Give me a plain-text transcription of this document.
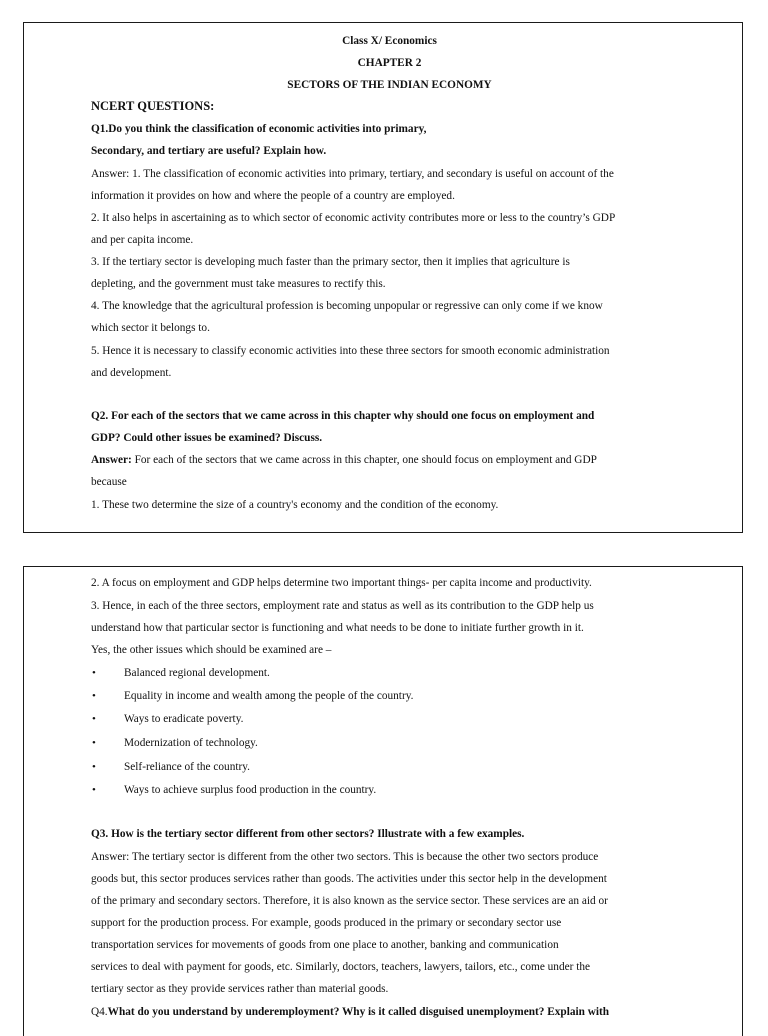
Class X/ Economics
CHAPTER 2
SECTORS OF THE INDIAN ECONOMY
NCERT QUESTIONS:
Q1.Do you think the classification of economic activities into primary,
Secondary, and tertiary are useful? Explain how.
Answer: 1. The classification of economic activities into primary, tertiary, and secondary is useful on account of the
information it provides on how and where the people of a country are employed.
2. It also helps in ascertaining as to which sector of economic activity contributes more or less to the country’s GDP
and per capita income.
3. If the tertiary sector is developing much faster than the primary sector, then it implies that agriculture is
depleting, and the government must take measures to rectify this.
4. The knowledge that the agricultural profession is becoming unpopular or regressive can only come if we know
which sector it belongs to.
5. Hence it is necessary to classify economic activities into these three sectors for smooth economic administration
and development.
Q2. For each of the sectors that we came across in this chapter why should one focus on employment and
GDP? Could other issues be examined? Discuss.
Answer: For each of the sectors that we came across in this chapter, one should focus on employment and GDP
because
1. These two determine the size of a country's economy and the condition of the economy.
2. A focus on employment and GDP helps determine two important things- per capita income and productivity.
3. Hence, in each of the three sectors, employment rate and status as well as its contribution to the GDP help us
understand how that particular sector is functioning and what needs to be done to initiate further growth in it.
Yes, the other issues which should be examined are –
• Balanced regional development.
• Equality in income and wealth among the people of the country.
• Ways to eradicate poverty.
• Modernization of technology.
• Self-reliance of the country.
• Ways to achieve surplus food production in the country.
Q3. How is the tertiary sector different from other sectors? Illustrate with a few examples.
Answer: The tertiary sector is different from the other two sectors. This is because the other two sectors produce
goods but, this sector produces services rather than goods. The activities under this sector help in the development
of the primary and secondary sectors. Therefore, it is also known as the service sector. These services are an aid or
support for the production process. For example, goods produced in the primary or secondary sector use
transportation services for movements of goods from one place to another, banking and communication
services to deal with payment for goods, etc. Similarly, doctors, teachers, lawyers, tailors, etc., come under the
tertiary sector as they provide services rather than material goods.
Q4.What do you understand by underemployment? Why is it called disguised unemployment? Explain with
